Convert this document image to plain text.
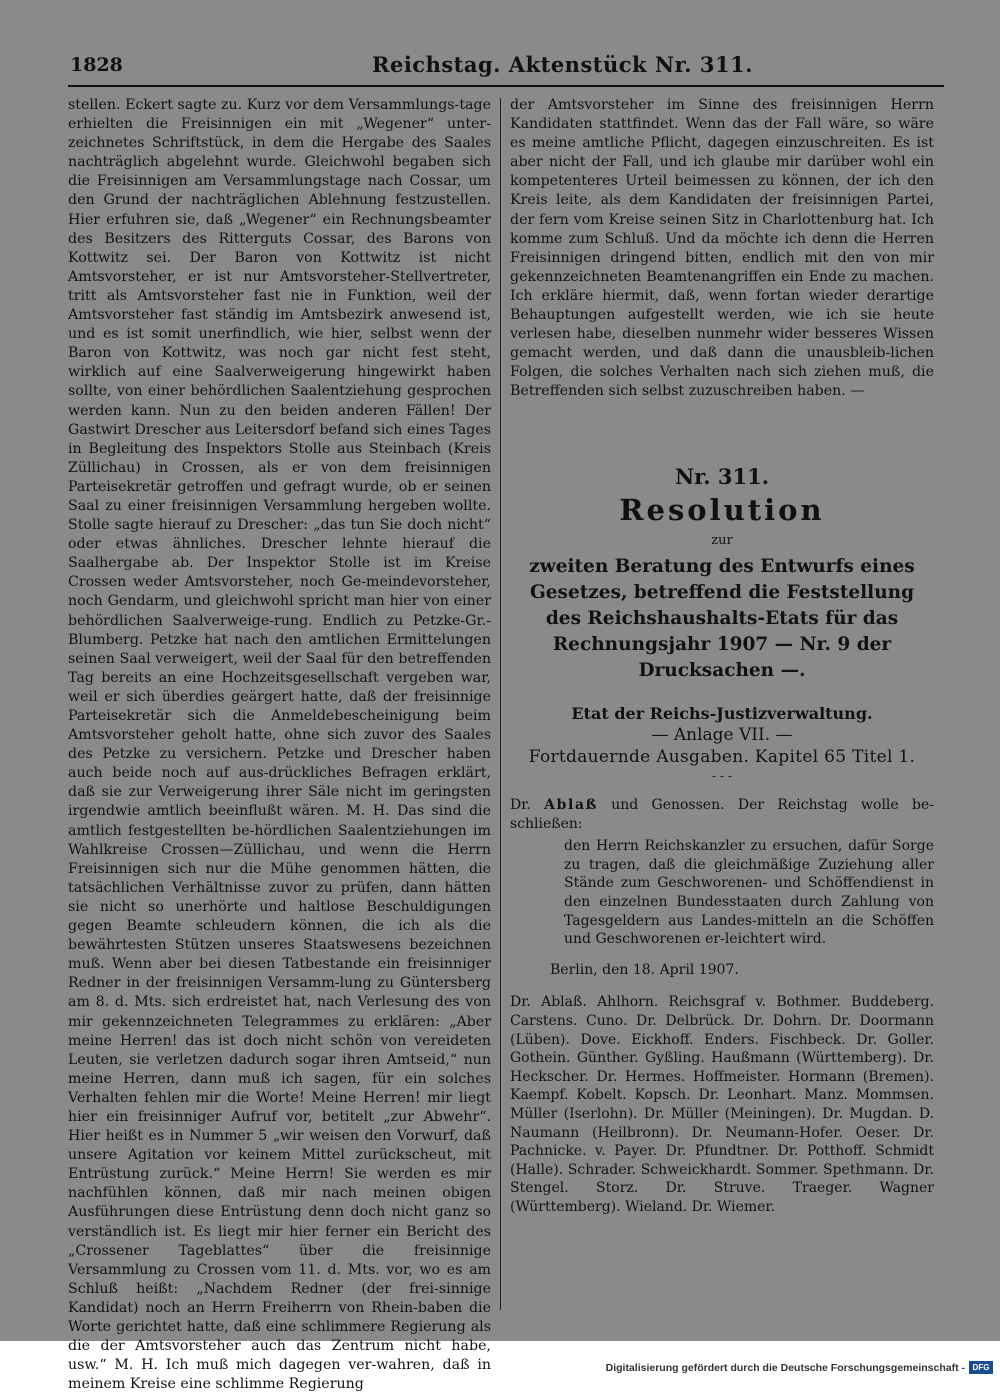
1828	Reichstag. Aktenstück Nr. 311.

stellen. Eckert sagte zu. Kurz vor dem Versammlungs-tage erhielten die Freisinnigen ein mit „Wegener“ unter-zeichnetes Schriftstück, in dem die Hergabe des Saales nachträglich abgelehnt wurde. Gleichwohl begaben sich die Freisinnigen am Versammlungstage nach Cossar, um den Grund der nachträglichen Ablehnung festzustellen. Hier erfuhren sie, daß „Wegener“ ein Rechnungsbeamter des Besitzers des Ritterguts Cossar, des Barons von Kottwitz sei. Der Baron von Kottwitz ist nicht Amtsvorsteher, er ist nur Amtsvorsteher-Stellvertreter, tritt als Amtsvorsteher fast nie in Funktion, weil der Amtsvorsteher fast ständig im Amtsbezirk anwesend ist, und es ist somit unerfindlich, wie hier, selbst wenn der Baron von Kottwitz, was noch gar nicht fest steht, wirklich auf eine Saalverweigerung hingewirkt haben sollte, von einer behördlichen Saalentziehung gesprochen werden kann. Nun zu den beiden anderen Fällen! Der Gastwirt Drescher aus Leitersdorf befand sich eines Tages in Begleitung des Inspektors Stolle aus Steinbach (Kreis Züllichau) in Crossen, als er von dem freisinnigen Parteisekretär getroffen und gefragt wurde, ob er seinen Saal zu einer freisinnigen Versammlung hergeben wollte. Stolle sagte hierauf zu Drescher: „das tun Sie doch nicht“ oder etwas ähnliches. Drescher lehnte hierauf die Saalhergabe ab. Der Inspektor Stolle ist im Kreise Crossen weder Amtsvorsteher, noch Ge-meindevorsteher, noch Gendarm, und gleichwohl spricht man hier von einer behördlichen Saalverweige-rung. Endlich zu Petzke-Gr.-Blumberg. Petzke hat nach den amtlichen Ermittelungen seinen Saal verweigert, weil der Saal für den betreffenden Tag bereits an eine Hochzeitsgesellschaft vergeben war, weil er sich überdies geärgert hatte, daß der freisinnige Parteisekretär sich die Anmeldebescheinigung beim Amtsvorsteher geholt hatte, ohne sich zuvor des Saales des Petzke zu versichern. Petzke und Drescher haben auch beide noch auf aus-drückliches Befragen erklärt, daß sie zur Verweigerung ihrer Säle nicht im geringsten irgendwie amtlich beeinflußt wären. M. H. Das sind die amtlich festgestellten be-hördlichen Saalentziehungen im Wahlkreise Crossen—Züllichau, und wenn die Herrn Freisinnigen sich nur die Mühe genommen hätten, die tatsächlichen Verhältnisse zuvor zu prüfen, dann hätten sie nicht so unerhörte und haltlose Beschuldigungen gegen Beamte schleudern können, die ich als die bewährtesten Stützen unseres Staatswesens bezeichnen muß. Wenn aber bei diesen Tatbestande ein freisinniger Redner in der freisinnigen Versamm-lung zu Güntersberg am 8. d. Mts. sich erdreistet hat, nach Verlesung des von mir gekennzeichneten Telegrammes zu erklären: „Aber meine Herren! das ist doch nicht schön von vereideten Leuten, sie verletzen dadurch sogar ihren Amtseid,“ nun meine Herren, dann muß ich sagen, für ein solches Verhalten fehlen mir die Worte! Meine Herren! mir liegt hier ein freisinniger Aufruf vor, betitelt „zur Abwehr“. Hier heißt es in Nummer 5 „wir weisen den Vorwurf, daß unsere Agitation vor keinem Mittel zurückscheut, mit Entrüstung zurück.“ Meine Herrn! Sie werden es mir nachfühlen können, daß mir nach meinen obigen Ausführungen diese Entrüstung denn doch nicht ganz so verständlich ist. Es liegt mir hier ferner ein Bericht des „Crossener Tageblattes“ über die freisinnige Versammlung zu Crossen vom 11. d. Mts. vor, wo es am Schluß heißt: „Nachdem Redner (der frei-sinnige Kandidat) noch an Herrn Freiherrn von Rhein-baben die Worte gerichtet hatte, daß eine schlimmere Regierung als die der Amtsvorsteher auch das Zentrum nicht habe, usw.“ M. H. Ich muß mich dagegen ver-wahren, daß in meinem Kreise eine schlimme Regierung

der Amtsvorsteher im Sinne des freisinnigen Herrn Kandidaten stattfindet. Wenn das der Fall wäre, so wäre es meine amtliche Pflicht, dagegen einzuschreiten. Es ist aber nicht der Fall, und ich glaube mir darüber wohl ein kompetenteres Urteil beimessen zu können, der ich den Kreis leite, als dem Kandidaten der freisinnigen Partei, der fern vom Kreise seinen Sitz in Charlottenburg hat. Ich komme zum Schluß. Und da möchte ich denn die Herren Freisinnigen dringend bitten, endlich mit den von mir gekennzeichneten Beamtenangriffen ein Ende zu machen. Ich erkläre hiermit, daß, wenn fortan wieder derartige Behauptungen aufgestellt werden, wie ich sie heute verlesen habe, dieselben nunmehr wider besseres Wissen gemacht werden, und daß dann die unausbleib-lichen Folgen, die solches Verhalten nach sich ziehen muß, die Betreffenden sich selbst zuzuschreiben haben. —

Nr. 311.
Resolution
zur
zweiten Beratung des Entwurfs eines Gesetzes, betreffend die Feststellung des Reichshaushalts-Etats für das Rechnungsjahr 1907 — Nr. 9 der Drucksachen —.
Etat der Reichs-Justizverwaltung.
— Anlage VII. —
Fortdauernde Ausgaben. Kapitel 65 Titel 1.
- - -
Dr. Ablaß und Genossen. Der Reichstag wolle be-schließen:
den Herrn Reichskanzler zu ersuchen, dafür Sorge zu tragen, daß die gleichmäßige Zuziehung aller Stände zum Geschworenen- und Schöffendienst in den einzelnen Bundesstaaten durch Zahlung von Tagesgeldern aus Landes-mitteln an die Schöffen und Geschworenen er-leichtert wird.
Berlin, den 18. April 1907.
Dr. Ablaß. Ahlhorn. Reichsgraf v. Bothmer. Buddeberg. Carstens. Cuno. Dr. Delbrück. Dr. Dohrn. Dr. Doormann (Lüben). Dove. Eickhoff. Enders. Fischbeck. Dr. Goller. Gothein. Günther. Gyßling. Haußmann (Württemberg). Dr. Heckscher. Dr. Hermes. Hoffmeister. Hormann (Bremen). Kaempf. Kobelt. Kopsch. Dr. Leonhart. Manz. Mommsen. Müller (Iserlohn). Dr. Müller (Meiningen). Dr. Mugdan. D. Naumann (Heilbronn). Dr. Neumann-Hofer. Oeser. Dr. Pachnicke. v. Payer. Dr. Pfundtner. Dr. Potthoff. Schmidt (Halle). Schrader. Schweickhardt. Sommer. Spethmann. Dr. Stengel. Storz. Dr. Struve. Traeger. Wagner (Württemberg). Wieland. Dr. Wiemer.
Digitalisierung gefördert durch die Deutsche Forschungsgemeinschaft - DFG
